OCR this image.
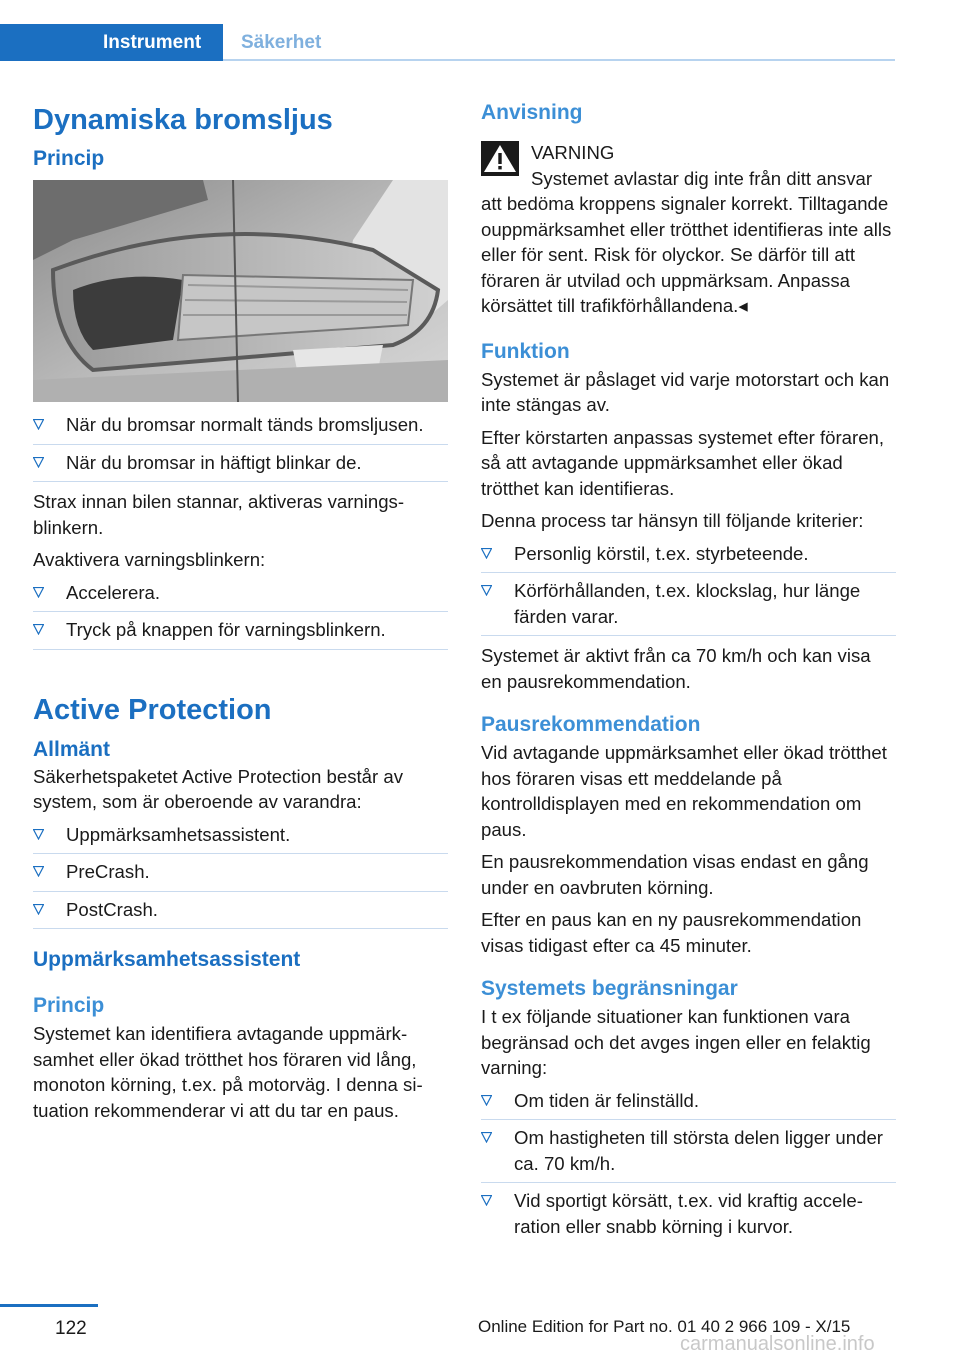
Instrument	Säkerhet
Dynamiska bromsljus
Princip
När du bromsar normalt tänds bromsljusen.
När du bromsar in häftigt blinkar de.

Strax innan bilen stannar, aktiveras varningsblinkern.

Avaktivera varningsblinkern:

Accelerera.
Tryck på knappen för varningsblinkern.
Active Protection
Allmänt

Säkerhetspaketet Active Protection består av system, som är oberoende av varandra:

Uppmärksamhetsassistent.
PreCrash.
PostCrash.
Uppmärksamhetsassistent
Princip

Systemet kan identifiera avtagande uppmärksamhet eller ökad trötthet hos föraren vid lång, monoton körning, t.ex. på motorväg. I denna situation rekommenderar vi att du tar en paus.

Anvisning

VARNING

Systemet avlastar dig inte från ditt ansvar att bedöma kroppens signaler korrekt. Tilltagande ouppmärksamhet eller trötthet identifieras inte alls eller för sent. Risk för olyckor. Se därför till att föraren är utvilad och uppmärksam. Anpassa körsättet till trafikförhållandena.◂

Funktion

Systemet är påslaget vid varje motorstart och kan inte stängas av.

Efter körstarten anpassas systemet efter föraren, så att avtagande uppmärksamhet eller ökad trötthet kan identifieras.

Denna process tar hänsyn till följande kriterier:

Personlig körstil, t.ex. styrbeteende.
Körförhållanden, t.ex. klockslag, hur länge färden varar.

Systemet är aktivt från ca 70 km/h och kan visa en pausrekommendation.

Pausrekommendation

Vid avtagande uppmärksamhet eller ökad trötthet hos föraren visas ett meddelande på kontrolldisplayen med en rekommendation om paus.

En pausrekommendation visas endast en gång under en oavbruten körning.

Efter en paus kan en ny pausrekommendation visas tidigast efter ca 45 minuter.

Systemets begränsningar

I t ex följande situationer kan funktionen vara begränsad och det avges ingen eller en felaktig varning:

Om tiden är felinställd.
Om hastigheten till största delen ligger under ca. 70 km/h.
Vid sportigt körsätt, t.ex. vid kraftig acceleration eller snabb körning i kurvor.
122	Online Edition for Part no. 01 40 2 966 109 - X/15
carmanualsonline.info
